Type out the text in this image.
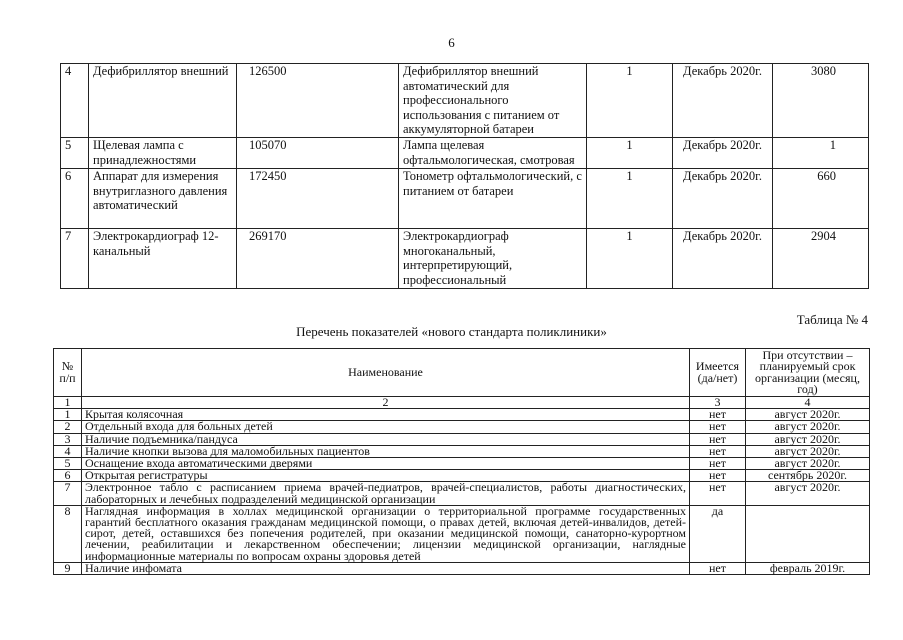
6
4	Дефибриллятор внешний	126500	Дефибриллятор внешний автоматический для профессионального использования с питанием от аккумуляторной батареи	1	Декабрь 2020г.	3080
5	Щелевая лампа с принадлежностями	105070	Лампа щелевая офтальмологическая, смотровая	1	Декабрь 2020г.	1
6	Аппарат для измерения внутриглазного давления автоматический	172450	Тонометр офтальмологический, с питанием от батареи	1	Декабрь 2020г.	660
7	Электрокардиограф 12-канальный	269170	Электрокардиограф многоканальный, интерпретирующий, профессиональный	1	Декабрь 2020г.	2904
Таблица № 4
Перечень показателей «нового стандарта поликлиники»
№ п/п	Наименование	Имеется (да/нет)	При отсутствии – планируемый срок организации (месяц, год)
1	2	3	4
1	Крытая колясочная	нет	август 2020г.
2	Отдельный входа для больных детей	нет	август 2020г.
3	Наличие подъемника/пандуса	нет	август 2020г.
4	Наличие кнопки вызова для маломобильных пациентов	нет	август 2020г.
5	Оснащение входа автоматическими дверями	нет	август 2020г.
6	Открытая регистратуры	нет	сентябрь 2020г.
7	Электронное табло с расписанием приема врачей-педиатров, врачей-специалистов, работы диагностических, лабораторных и лечебных подразделений медицинской организации	нет	август 2020г.
8	Наглядная информация в холлах медицинской организации о территориальной программе государственных гарантий бесплатного оказания гражданам медицинской помощи, о правах детей, включая детей-инвалидов, детей-сирот, детей, оставшихся без попечения родителей, при оказании медицинской помощи, санаторно-курортном лечении, реабилитации и лекарственном обеспечении; лицензии медицинской организации, наглядные информационные материалы по вопросам охраны здоровья детей	да	
9	Наличие инфомата	нет	февраль 2019г.
